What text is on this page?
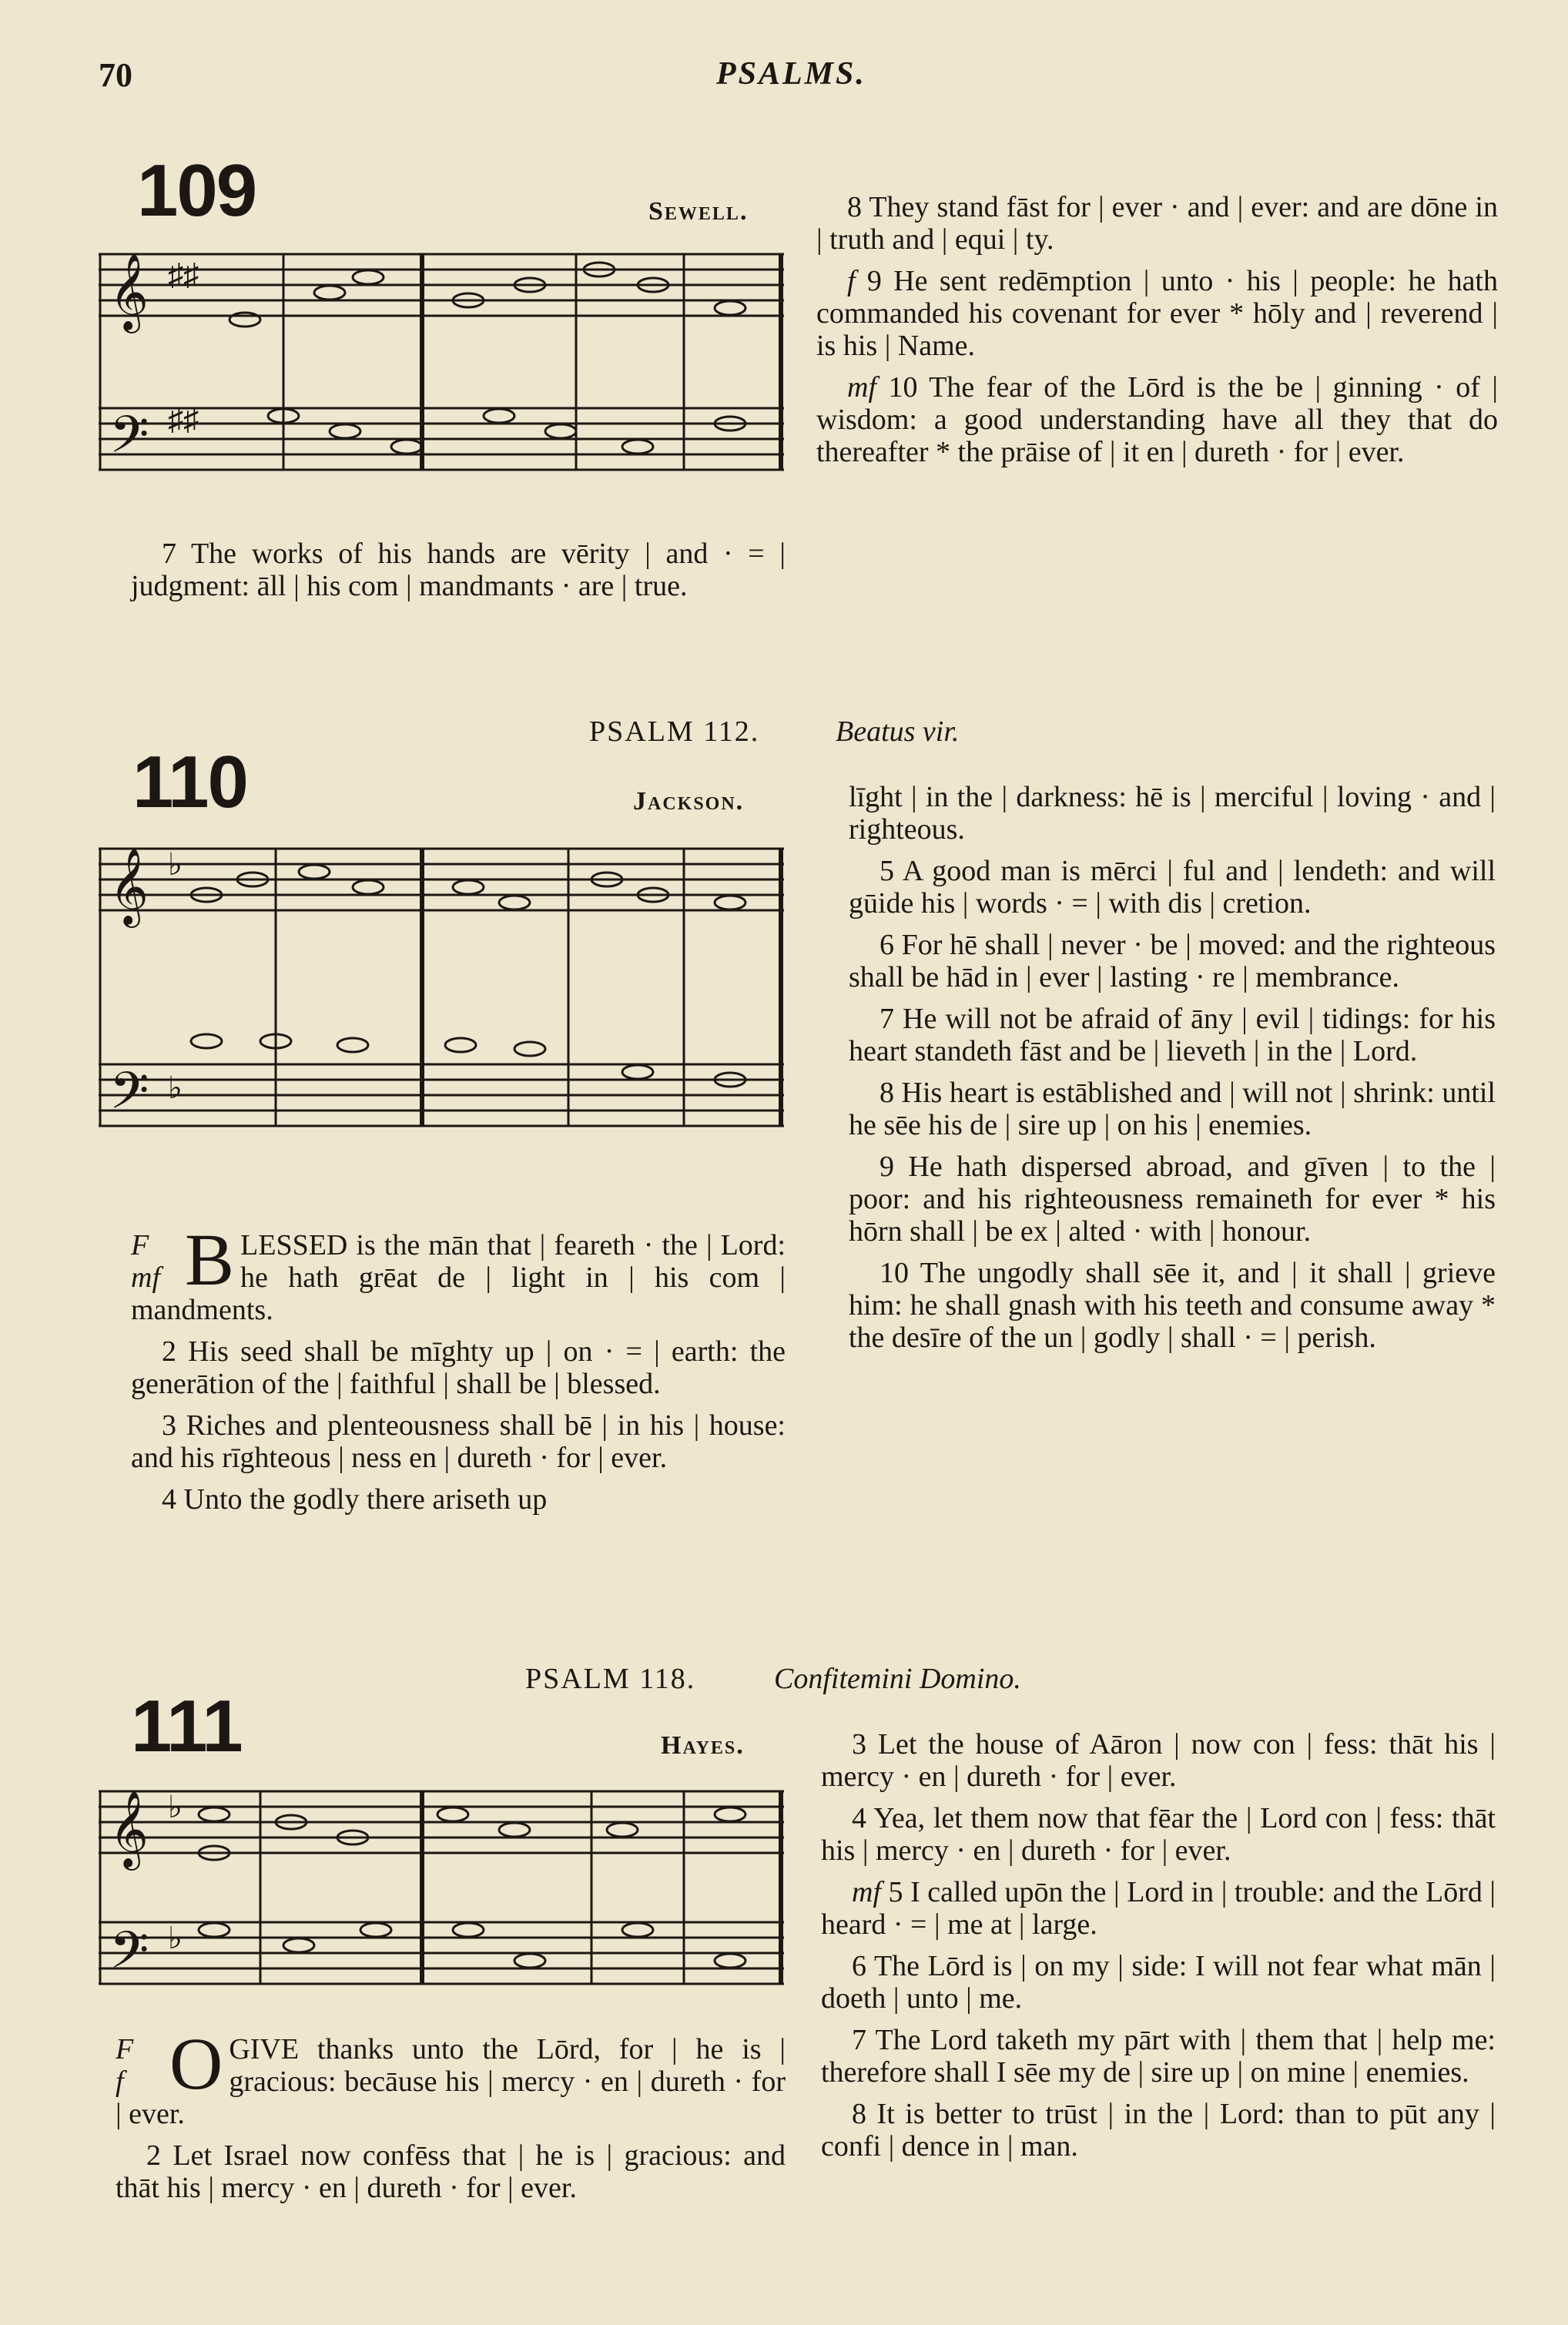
70	PSALMS.
109	Sewell.
𝄞
𝄢
♯♯
♯♯

7 The works of his hands are vērity | and · = | judgment: āll | his com | mandmants · are | true.

8 They stand fāst for | ever · and | ever: and are dōne in | truth and | equi | ty.

f 9 He sent redēmption | unto · his | people: he hath commanded his covenant for ever * hōly and | reverend | is his | Name.

mf 10 The fear of the Lōrd is the be | ginning · of | wisdom: a good understanding have all they that do thereafter * the prāise of | it en | dureth · for | ever.

PSALM 112.	Beatus vir.
110	Jackson.
𝄞
𝄢
♭
♭

F
mf B LESSED is the mān that | feareth · the | Lord: he hath grēat de | light in | his com | mandments.

2 His seed shall be mīghty up | on · = | earth: the generātion of the | faithful | shall be | blessed.

3 Riches and plenteousness shall bē | in his | house: and his rīghteous | ness en | dureth · for | ever.

4 Unto the godly there ariseth up

līght | in the | darkness: hē is | merciful | loving · and | righteous.

5 A good man is mērci | ful and | lendeth: and will gūide his | words · = | with dis | cretion.

6 For hē shall | never · be | moved: and the righteous shall be hād in | ever | lasting · re | membrance.

7 He will not be afraid of āny | evil | tidings: for his heart standeth fāst and be | lieveth | in the | Lord.

8 His heart is estāblished and | will not | shrink: until he sēe his de | sire up | on his | enemies.

9 He hath dispersed abroad, and gīven | to the | poor: and his righteousness remaineth for ever * his hōrn shall | be ex | alted · with | honour.

10 The ungodly shall sēe it, and | it shall | grieve him: he shall gnash with his teeth and consume away * the desīre of the un | godly | shall · = | perish.

PSALM 118.	Confitemini Domino.
111	Hayes.
𝄞
𝄢
♭
♭

F
f O GIVE thanks unto the Lōrd, for | he is | gracious: becāuse his | mercy · en | dureth · for | ever.

2 Let Israel now confēss that | he is | gracious: and thāt his | mercy · en | dureth · for | ever.

3 Let the house of Aāron | now con | fess: thāt his | mercy · en | dureth · for | ever.

4 Yea, let them now that fēar the | Lord con | fess: thāt his | mercy · en | dureth · for | ever.

mf 5 I called upōn the | Lord in | trouble: and the Lōrd | heard · = | me at | large.

6 The Lōrd is | on my | side: I will not fear what mān | doeth | unto | me.

7 The Lord taketh my pārt with | them that | help me: therefore shall I sēe my de | sire up | on mine | enemies.

8 It is better to trūst | in the | Lord: than to pūt any | confi | dence in | man.
